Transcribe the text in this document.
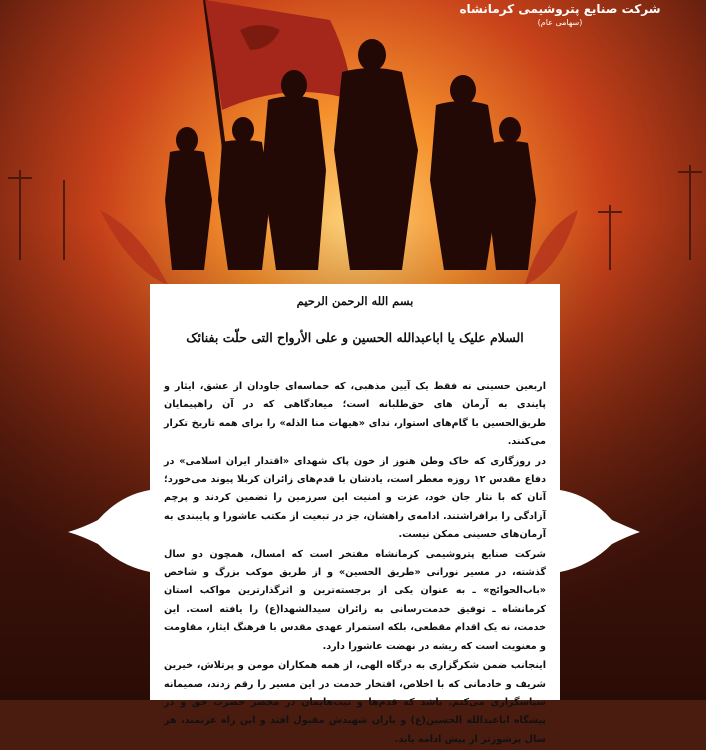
شرکت صنایع پتروشیمی کرمانشاه
(سهامی عام)
بسم الله الرحمن الرحیم
السلام علیک یا اباعبدالله الحسین و علی الأرواح التی حلّت بفنائک

اربعین حسینی نه فقط یک آیین مذهبی، که حماسه‌ای جاودان از عشق، ایثار و پایندی به آرمان های حق‌طلبانه است؛ میعادگاهی که در آن راهپیمایان طریق‌الحسین با گام‌های استوار، ندای «هیهات منا الذله» را برای همه تاریخ تکرار می‌کنند.

در روزگاری که خاک وطن هنوز از خون پاک شهدای «اقتدار ایران اسلامی» در دفاع مقدس ۱۲ روزه معطر است، یادشان با قدم‌های زائران کربلا پیوند می‌خورد؛ آنان که با نثار جان خود، عزت و امنیت این سرزمین را تضمین کردند و پرچم آزادگی را برافراشتند. ادامه‌ی راهشان، جز در تبعیت از مکتب عاشورا و پایبندی به آرمان‌های حسینی ممکن نیست.

شرکت صنایع پتروشیمی کرمانشاه مفتخر است که امسال، همچون دو سال گذشته، در مسیر نورانی «طریق الحسین» و از طریق موکب بزرگ و شاخص «باب‌الحوائج» ـ به عنوان یکی از برجسته‌ترین و اثرگذارترین مواکب استان کرمانشاه ـ توفیق خدمت‌رسانی به زائران سیدالشهدا(ع) را یافته است. این خدمت، نه یک اقدام مقطعی، بلکه استمرار عهدی مقدس با فرهنگ ایثار، مقاومت و معنویت است که ریشه در نهضت عاشورا دارد.

اینجانب ضمن شکرگزاری به درگاه الهی، از همه همکاران مومن و پرتلاش، خیرین شریف و خادمانی که با اخلاص، افتخار خدمت در این مسیر را رقم زدند، صمیمانه سپاسگزاری می‌کنم. باشد که قدم‌ها و نیت‌هایمان در محضر حضرت حق و در پیشگاه اباعبدالله الحسین(ع) و یاران شهیدش مقبول افتد و این راه عزتمند، هر سال پرشورتر از پیش ادامه یابد.
